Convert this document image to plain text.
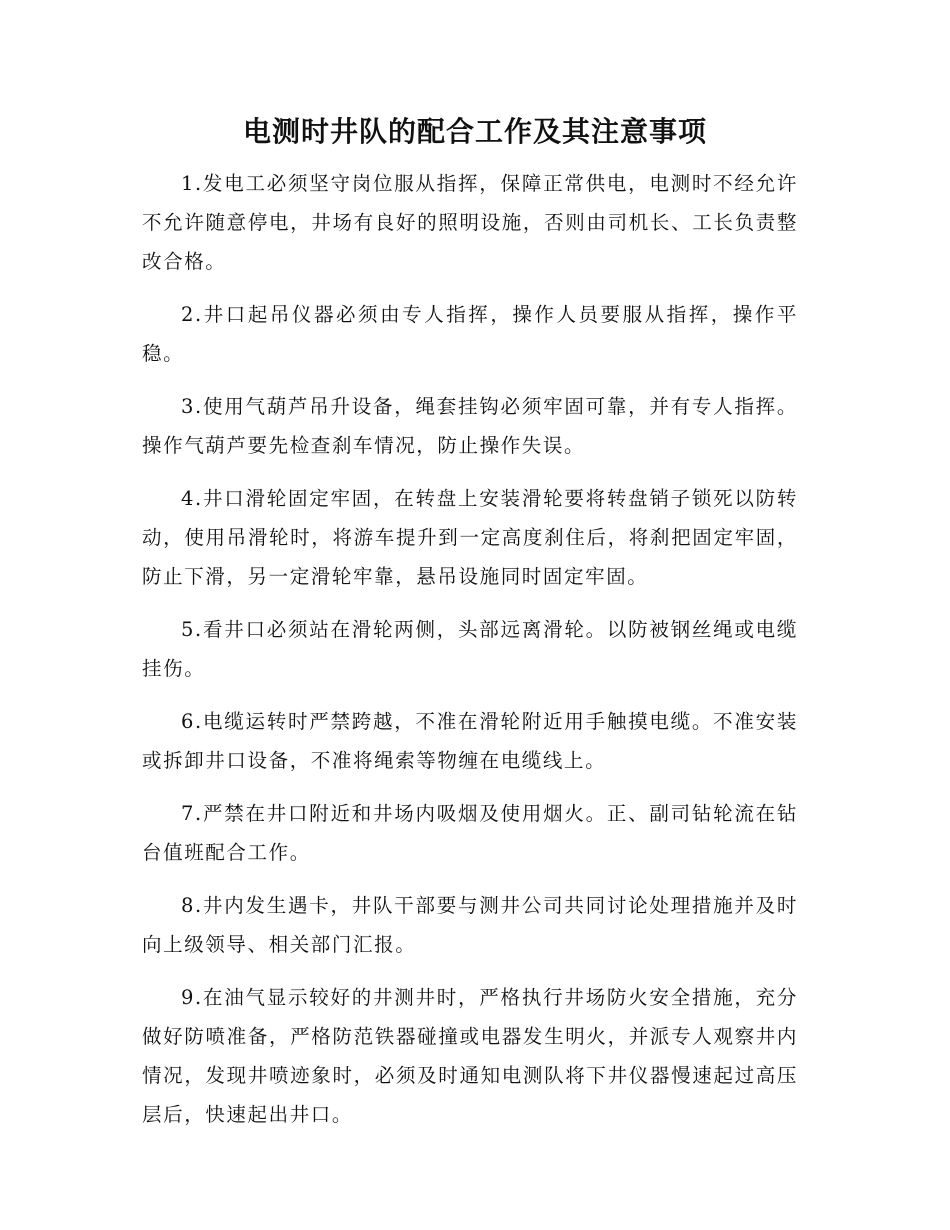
电测时井队的配合工作及其注意事项

1.发电工必须坚守岗位服从指挥，保障正常供电，电测时不经允许不允许随意停电，井场有良好的照明设施，否则由司机长、工长负责整改合格。

2.井口起吊仪器必须由专人指挥，操作人员要服从指挥，操作平稳。

3.使用气葫芦吊升设备，绳套挂钩必须牢固可靠，并有专人指挥。操作气葫芦要先检查刹车情况，防止操作失误。

4.井口滑轮固定牢固，在转盘上安装滑轮要将转盘销子锁死以防转动，使用吊滑轮时，将游车提升到一定高度刹住后，将刹把固定牢固，防止下滑，另一定滑轮牢靠，悬吊设施同时固定牢固。

5.看井口必须站在滑轮两侧，头部远离滑轮。以防被钢丝绳或电缆挂伤。

6.电缆运转时严禁跨越，不准在滑轮附近用手触摸电缆。不准安装或拆卸井口设备，不准将绳索等物缠在电缆线上。

7.严禁在井口附近和井场内吸烟及使用烟火。正、副司钻轮流在钻台值班配合工作。

8.井内发生遇卡，井队干部要与测井公司共同讨论处理措施并及时向上级领导、相关部门汇报。

9.在油气显示较好的井测井时，严格执行井场防火安全措施，充分做好防喷准备，严格防范铁器碰撞或电器发生明火，并派专人观察井内情况，发现井喷迹象时，必须及时通知电测队将下井仪器慢速起过高压层后，快速起出井口。
